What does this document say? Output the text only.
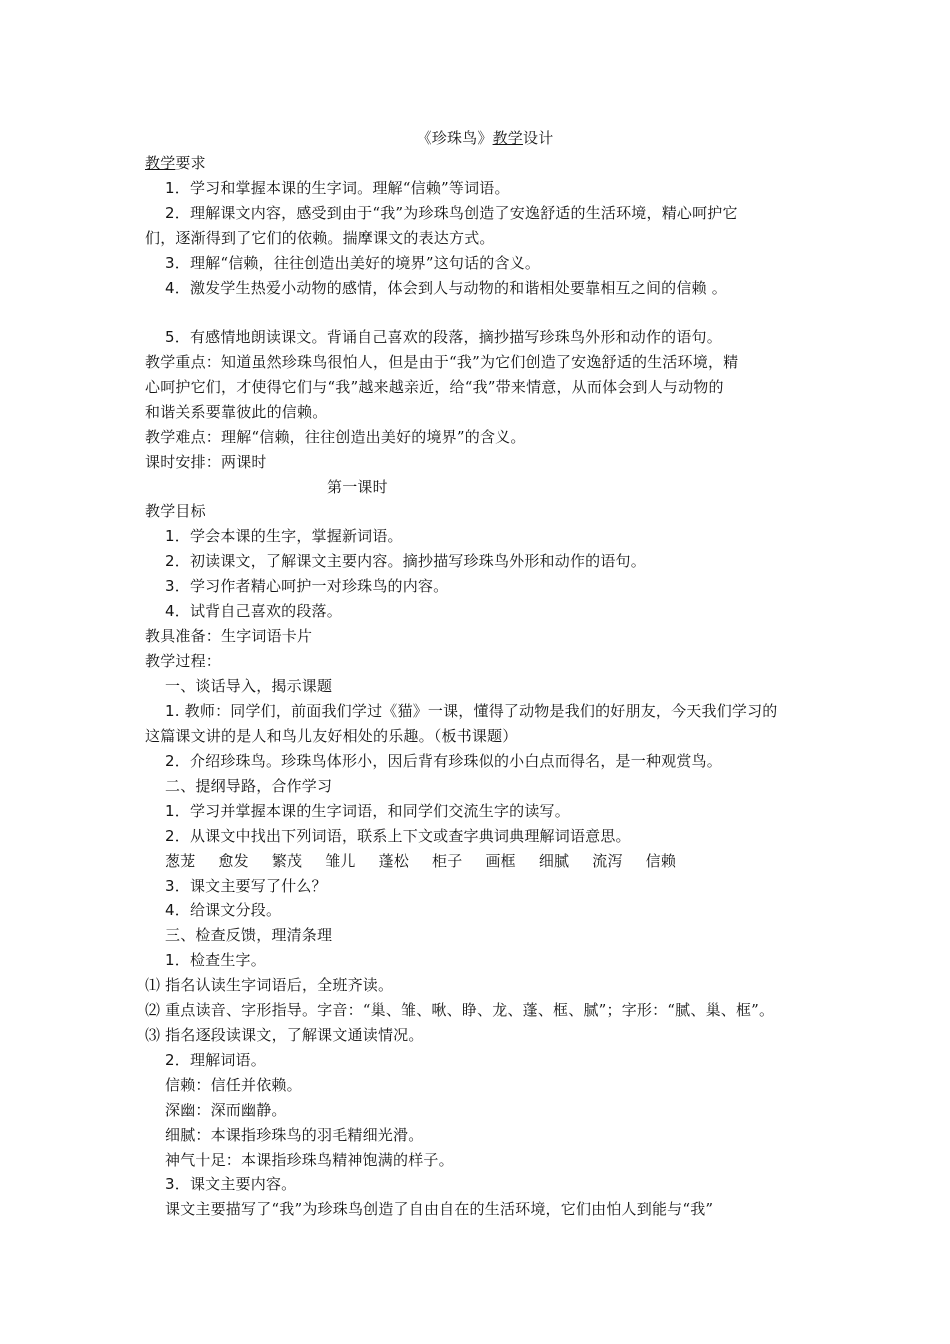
《珍珠鸟》教学设计
教学要求
1．学习和掌握本课的生字词。理解“信赖”等词语。
2．理解课文内容，感受到由于“我”为珍珠鸟创造了安逸舒适的生活环境，精心呵护它
们，逐渐得到了它们的依赖。揣摩课文的表达方式。
3．理解“信赖，往往创造出美好的境界”这句话的含义。
4．激发学生热爱小动物的感情，体会到人与动物的和谐相处要靠相互之间的信赖 。
5．有感情地朗读课文。背诵自己喜欢的段落，摘抄描写珍珠鸟外形和动作的语句。
教学重点：知道虽然珍珠鸟很怕人，但是由于“我”为它们创造了安逸舒适的生活环境，精
心呵护它们，才使得它们与“我”越来越亲近，给“我”带来情意，从而体会到人与动物的
和谐关系要靠彼此的信赖。
教学难点：理解“信赖，往往创造出美好的境界”的含义。
课时安排：两课时
第一课时
教学目标
1．学会本课的生字，掌握新词语。
2．初读课文，了解课文主要内容。摘抄描写珍珠鸟外形和动作的语句。
3．学习作者精心呵护一对珍珠鸟的内容。
4．试背自己喜欢的段落。
教具准备：生字词语卡片
教学过程：
一、谈话导入，揭示课题
1. 教师：同学们，前面我们学过《猫》一课，懂得了动物是我们的好朋友，今天我们学习的
这篇课文讲的是人和鸟儿友好相处的乐趣。（板书课题）
2．介绍珍珠鸟。珍珠鸟体形小，因后背有珍珠似的小白点而得名，是一种观赏鸟。
二、提纲导路，合作学习
1．学习并掌握本课的生字词语，和同学们交流生字的读写。
2．从课文中找出下列词语，联系上下文或查字典词典理解词语意思。
葱茏 愈发 繁茂 雏儿 蓬松 柜子 画框 细腻 流泻 信赖
3．课文主要写了什么？
4．给课文分段。
三、检查反馈，理清条理
1．检查生字。
⑴ 指名认读生字词语后，全班齐读。
⑵ 重点读音、字形指导。字音：“巢、雏、啾、睁、龙、蓬、框、腻”；字形：“腻、巢、框”。
⑶ 指名逐段读课文，了解课文通读情况。
2．理解词语。
信赖：信任并依赖。
深幽：深而幽静。
细腻：本课指珍珠鸟的羽毛精细光滑。
神气十足：本课指珍珠鸟精神饱满的样子。
3．课文主要内容。
课文主要描写了“我”为珍珠鸟创造了自由自在的生活环境，它们由怕人到能与“我”
